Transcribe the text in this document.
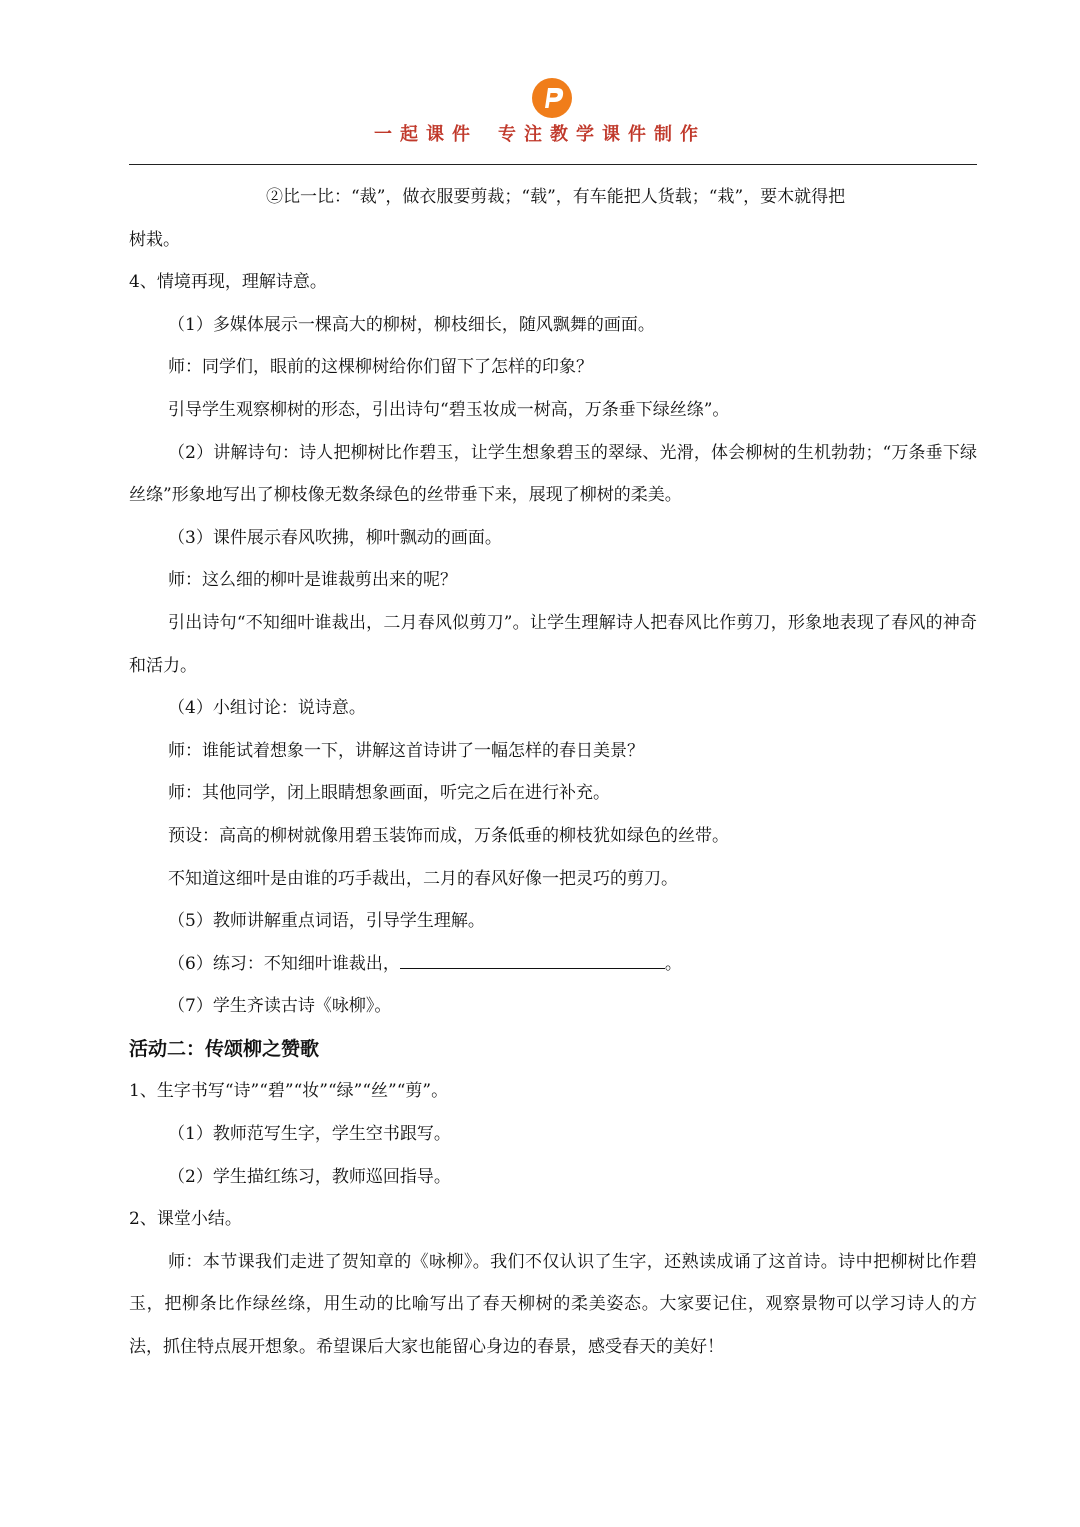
一起课件 专注教学课件制作

②比一比：“裁”，做衣服要剪裁；“载”，有车能把人货载；“栽”，要木就得把

树栽。

4、情境再现，理解诗意。

（1）多媒体展示一棵高大的柳树，柳枝细长，随风飘舞的画面。

师：同学们，眼前的这棵柳树给你们留下了怎样的印象？

引导学生观察柳树的形态，引出诗句“碧玉妆成一树高，万条垂下绿丝绦”。

（2）讲解诗句：诗人把柳树比作碧玉，让学生想象碧玉的翠绿、光滑，体会柳树的生机勃勃；“万条垂下绿丝绦”形象地写出了柳枝像无数条绿色的丝带垂下来，展现了柳树的柔美。

（3）课件展示春风吹拂，柳叶飘动的画面。

师：这么细的柳叶是谁裁剪出来的呢？

引出诗句“不知细叶谁裁出，二月春风似剪刀”。让学生理解诗人把春风比作剪刀，形象地表现了春风的神奇和活力。

（4）小组讨论：说诗意。

师：谁能试着想象一下，讲解这首诗讲了一幅怎样的春日美景？

师：其他同学，闭上眼睛想象画面，听完之后在进行补充。

预设：高高的柳树就像用碧玉装饰而成，万条低垂的柳枝犹如绿色的丝带。

不知道这细叶是由谁的巧手裁出，二月的春风好像一把灵巧的剪刀。

（5）教师讲解重点词语，引导学生理解。

（6）练习：不知细叶谁裁出，	。

（7）学生齐读古诗《咏柳》。

活动二：传颂柳之赞歌

1、生字书写“诗”“碧”“妆”“绿”“丝”“剪”。

（1）教师范写生字，学生空书跟写。

（2）学生描红练习，教师巡回指导。

2、课堂小结。

师：本节课我们走进了贺知章的《咏柳》。我们不仅认识了生字，还熟读成诵了这首诗。诗中把柳树比作碧玉，把柳条比作绿丝绦，用生动的比喻写出了春天柳树的柔美姿态。大家要记住，观察景物可以学习诗人的方法，抓住特点展开想象。希望课后大家也能留心身边的春景，感受春天的美好！
